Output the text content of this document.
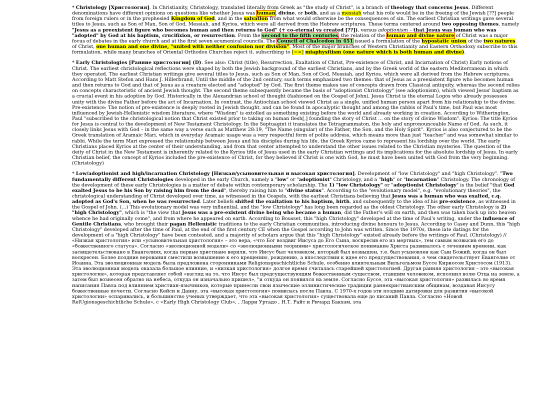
* Christology [Христология]. In Christianity, Christology, translated literally from Greek as "the study of Christ", is a branch of theology that concerns Jesus. Different denominations have different opinions on questions like whether Jesus was human, divine, or both, and as a messiah what his role would be in the freeing of the Jewish [??] people from foreign rulers or in the prophesied Kingdom of God, and in the salvation from what would otherwise be the consequences of sin. The earliest Christian writings gave several titles to Jesus, such as Son of Man, Son of God, Messiah, and Kyrios, which were all derived from the Hebrew scriptures. These terms centered around two opposing themes, namely "Jesus as a preexistent figure who becomes human and then returns to God" (+ co-eternal vs created [??]), versus adoptionism – that Jesus was human who was "adopted" by God at his baptism, crucifixion, or resurrection. From the second to the fifth centuries, the relation of the human and divine nature of Christ was a major focus of debates in the early church and at the first seven ecumenical councils. The Council of Chalcedon in 451 issued a formulation of the hypostatic union of the two natures of Christ, one human and one divine, "united with neither confusion nor division". Most of the major branches of Western Christianity and Eastern Orthodoxy subscribe to this formulation, while many branches of Oriental Orthodox Churches reject it, subscribing to [=>] miaphysitism (one nature which is both human and divine).

* Early Christologies [Ранние христологии] (D). See also: Christ (title), Resurrection, Exaltation of Christ, Pre-existence of Christ, and Incarnation of Christ) Early notions of Christ. The earliest christological reflections were shaped by both the Jewish background of the earliest Christians, and by the Greek world of the eastern Mediterranean in which they operated. The earliest Christian writings give several titles to Jesus, such as Son of Man, Son of God, Messiah, and Kyrios, which were all derived from the Hebrew scriptures. According to Matt Stefon and Hans J. Hillerbrand, Until the middle of the 2nd century, such terms emphasized two themes: that of Jesus as a preexistent figure who becomes human and then returns to God and that of Jesus as a creature elected and "adopted" by God. The first theme makes use of concepts drawn from Classical antiquity, whereas the second relies on concepts characteristic of ancient Jewish thought. The second theme subsequently became the basis of "adoptionist Christology" (see adoptionism), which viewed Jesus' baptism as a crucial event in his adoption by God. Historically in the Alexandrian school of thought (fashioned on the Gospel of John), Jesus Christ is the eternal Logos who already possesses unity with the divine Father before the act of Incarnation. In contrast, the Antiochian school viewed Christ as a single, unified human person apart from his relationship to the divine. Pre-existence: The notion of pre-existence is deeply rooted in Jewish thought, and can be found in apocalyptic thought and among the rabbis of Paul's time, but Paul was most influenced by Jewish-Hellenistic wisdom literature, where "Wisdom" is extolled as something existing before the world and already working in creation. According to Witherington, Paul "subscribed to the christological notion that Christ existed prior to taking on human flesh[,] founding the story of Christ ... on the story of divine Wisdom". Kyrios: The title Kyrios for Jesus is central to the development of New Testament Christology. In the Septuagint it translates the Tetragrammaton, the holy and unpronounceable Name of God. As such, it closely links Jesus with God – in the same way a verse such as Matthew 28:19, "The Name (singular) of the Father, the Son, and the Holy Spirit". Kyrios is also conjectured to be the Greek translation of Aramaic Mari, which in everyday Aramaic usage was a very respectful form of polite address, which means more than just "teacher" and was somewhat similar to rabbi. While the term Mari expressed the relationship between Jesus and his disciples during his life, the Greek Kyrios came to represent his lordship over the world. The early Christians placed Kyrios at the center of their understanding, and from that center attempted to understand the other issues related to the Christian mysteries. The question of the deity of Christ in the New Testament is inherently related to the Kyrios title of Jesus used in the early Christian writings and its implications for the absolute lordship of Jesus. In early Christian belief, the concept of Kyrios included the pre-existence of Christ, for they believed if Christ is one with God, he must have been united with God from the very beginning. (Christology)

* Low/adoptionist and high/incarnation Christology [Низкая/усыновительная и высокая христология]. Development of "low Christology" and "high Christology". "Two fundamentally different Christologies developed in the early Church, namely a "low" or "adoptionist" Christology, and a "high" or "incarnation" Christology. The chronology of the development of these early Christologies is a matter of debate within contemporary scholarship. The 1) "low Christology" or "adoptionist Christology" is the belief "that God exalted Jesus to be his Son by raising him from the dead", thereby raising him to "divine status". According to the "evolutionary model", e.g. "evolutionary theories", the christological understanding of Christ developed over time, as witnessed in the Gospels, with the earliest Christians believing that Jesus was a human who was exalted, c.q. adopted as God's Son, when he was resurrected. Later beliefs shifted the exaltation to his baptism, birth, and subsequently to the idea of his pre-existence, as witnessed in the Gospel of John. (...) This evolutionary model was very influential, and the "low Christology" has long been regarded as the oldest Christology. The other early Christology is 2) "high Christology", which is "the view that Jesus was a pre-existent divine being who became a human, did the Father's will on earth, and then was taken back up into heaven whence he had originally come", and from where he appeared on earth. According to Bousset, this "high Christology" developed at the time of Paul's writing, under the influence of Gentile Christians, who brought their pagan Hellenistic traditions to the early Christian communities, introducing divine honours to Jesus. According to Casey and Dunn, this "high Christology" developed after the time of Paul, at the end of the first century CE when the Gospel according to John was written. Since the 1970s, these late datings for the development of a "high Christology" have been contested, and a majority of scholars argue that this "high Christology" existed already before the writings of Paul. (Christology) // «Низкая христология» или «усыновительная христология» – это вера, «что Бог воздвиг Иисуса до Его Сына, воскресив его из мертвых», тем самым возвысив его до «божественного статуса». Согласно «эволюционной модели» со «эволюционными теориями» христологическое понимание Христа развивалось с течением времени, как засвидетельствовано в Евангелиях, когда первые христиане верили, что Иисус был человеком, который был возвышен, т.е. был усыновлен как Сын Божий, когда он был воскресен. Более поздние верования сместили возвышение к его крещению, рождению, а впоследствии к идее его предсуществования, о чем свидетельствует Евангелие от Иоанна. Эта эволюционная модель была предложена сторонниками Religionsgeschichtliche Schule, особенно влиятельным Вильгельмом Буссе Кириосом Христосом (1913). Эта эволюционная модель оказала большое влияние, и «низкая христология» долгое время считалась старейшей христологией. Другая ранняя христология – это «высокая христология», которая представляет собой «взгляд на то, что Иисус был предсуществующим божественным существом, ставшим человеком, исполнил волю Отца на земле, а затем был вознесен обратно на небеса, откуда он изначально пришел», "и откуда он появился на земле. Согласно Буссе, эта «высокая христология» развилась во время написания Павла под влиянием христиан-язычников, которые принесли свои языческие эллинистические традиции раннехристианским общинам, воздавая Иисусу божественные почести. Согласно Кейси и Данну, эта «высокая христология» появилась после Павла. С 1970-х годов эти поздние датировки для развития «высокой христологии» оспаривались, и большинство ученых утверждает, что эта «высокая христология» существовала еще до писаний Павла. Согласно «Новой RelUgionsgeschichtliche Schule», с «Early High Christology Club», , Ларри Уртадо , Н.Т. Райт и Ричард Бакхэм, эта
